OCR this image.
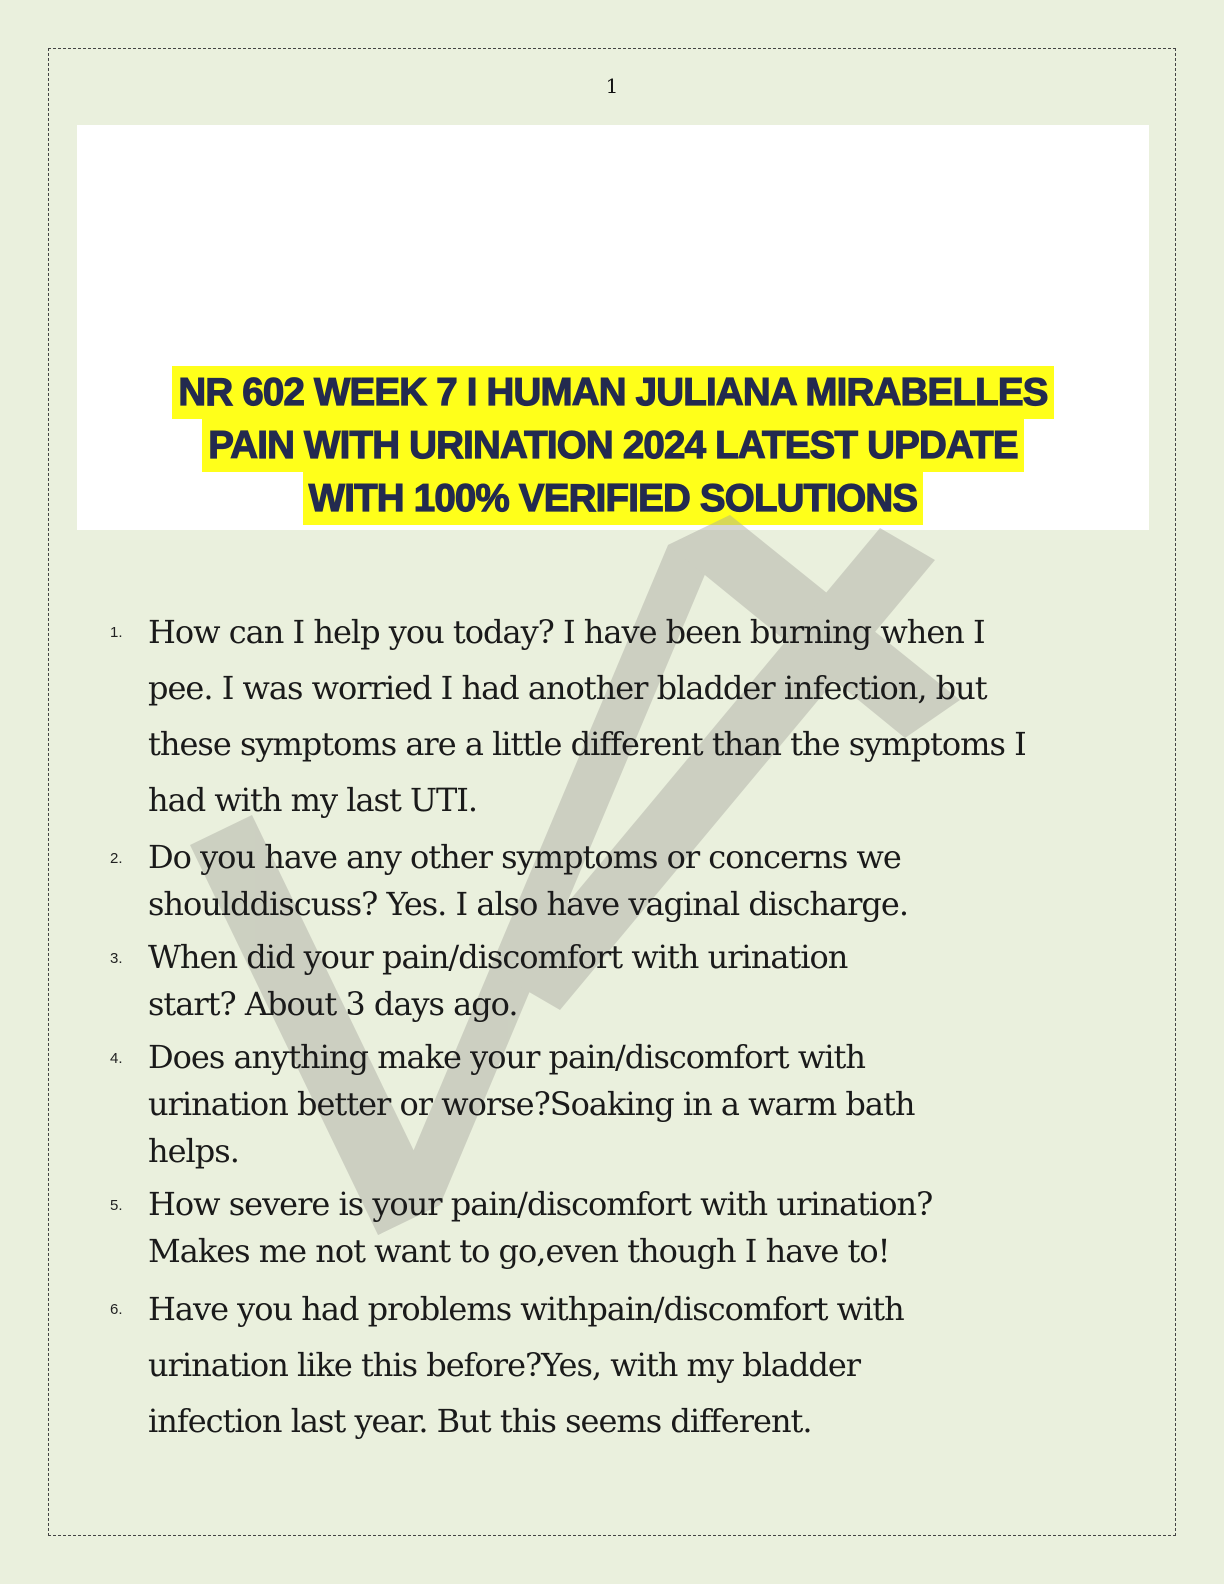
1
NR 602 WEEK 7 I HUMAN JULIANA MIRABELLES
PAIN WITH URINATION 2024 LATEST UPDATE
WITH 100% VERIFIED SOLUTIONS
1. How can I help you today? I have been burning when I
pee. I was worried I had another bladder infection, but
these symptoms are a little different than the symptoms I
had with my last UTI.
2. Do you have any other symptoms or concerns we
shoulddiscuss? Yes. I also have vaginal discharge.
3. When did your pain/discomfort with urination
start? About 3 days ago.
4. Does anything make your pain/discomfort with
urination better or worse?Soaking in a warm bath
helps.
5. How severe is your pain/discomfort with urination?
Makes me not want to go,even though I have to!
6. Have you had problems withpain/discomfort with
urination like this before?Yes, with my bladder
infection last year. But this seems different.
